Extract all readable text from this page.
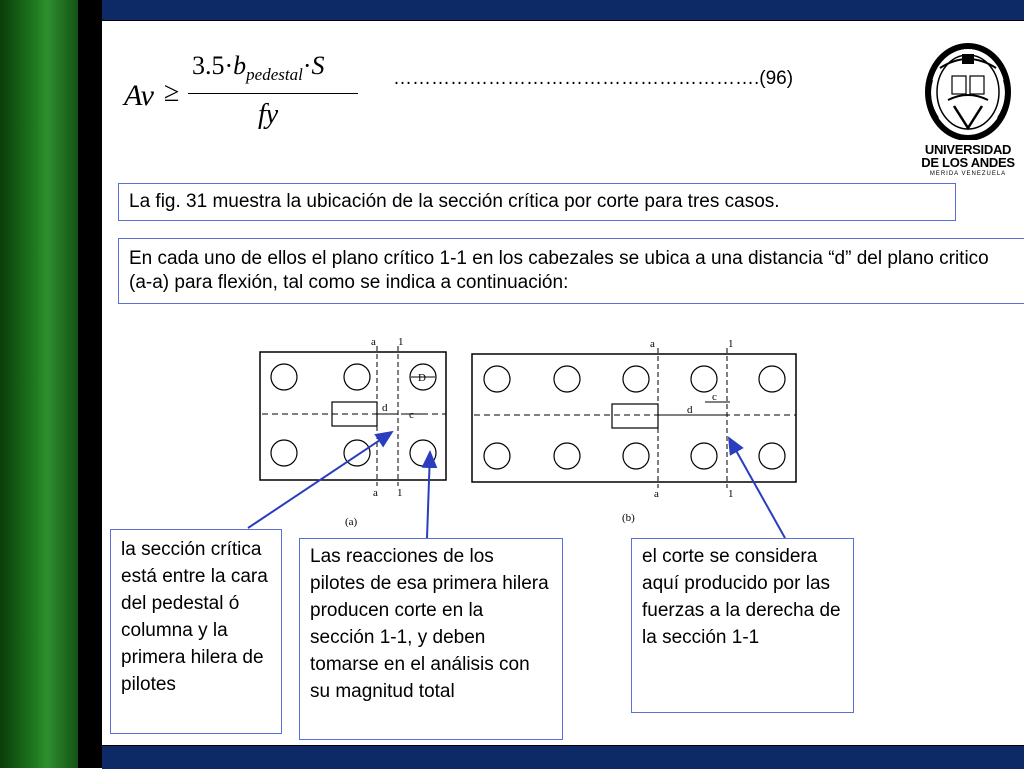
Av ≥
$3.5\cdot b_{pedestal}\cdot S$
fy
………………………………………………….(96)
UNIVERSIDAD
DE LOS ANDES
MERIDA VENEZUELA
La fig. 31 muestra la ubicación de la sección crítica por corte para tres casos.
En cada uno de ellos el plano crítico 1-1 en los cabezales se ubica a una distancia “d” del plano critico (a-a) para flexión, tal como se indica a continuación:
a 1
a 1
d
c
D
(a)
a	1
a	1
d
c
(b)
la sección crítica está entre la cara del pedestal ó columna y la primera hilera de pilotes
Las reacciones de los pilotes de esa primera hilera producen corte en la sección 1-1, y deben tomarse en el análisis con su magnitud total
el corte se considera aquí producido por las fuerzas a la derecha de la sección 1-1
